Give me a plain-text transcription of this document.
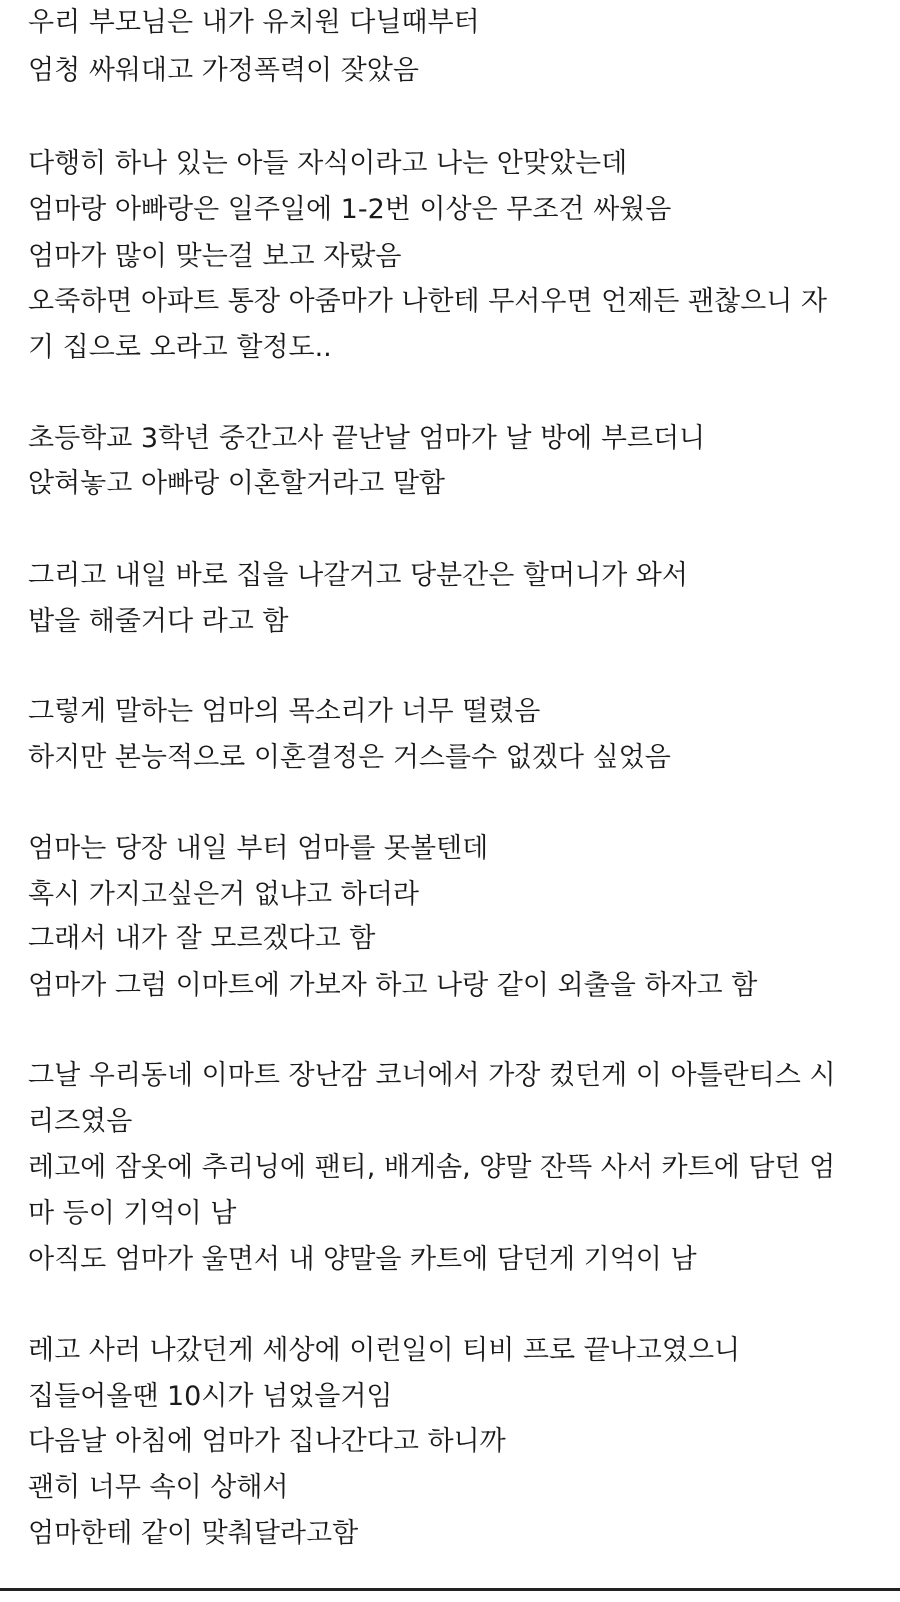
우리 부모님은 내가 유치원 다닐때부터
엄청 싸워대고 가정폭력이 잦았음
다행히 하나 있는 아들 자식이라고 나는 안맞았는데
엄마랑 아빠랑은 일주일에 1-2번 이상은 무조건 싸웠음
엄마가 많이 맞는걸 보고 자랐음
오죽하면 아파트 통장 아줌마가 나한테 무서우면 언제든 괜찮으니 자
기 집으로 오라고 할정도..
초등학교 3학년 중간고사 끝난날 엄마가 날 방에 부르더니
앉혀놓고 아빠랑 이혼할거라고 말함
그리고 내일 바로 집을 나갈거고 당분간은 할머니가 와서
밥을 해줄거다 라고 함
그렇게 말하는 엄마의 목소리가 너무 떨렸음
하지만 본능적으로 이혼결정은 거스를수 없겠다 싶었음
엄마는 당장 내일 부터 엄마를 못볼텐데
혹시 가지고싶은거 없냐고 하더라
그래서 내가 잘 모르겠다고 함
엄마가 그럼 이마트에 가보자 하고 나랑 같이 외출을 하자고 함
그날 우리동네 이마트 장난감 코너에서 가장 컸던게 이 아틀란티스 시
리즈였음
레고에 잠옷에 추리닝에 팬티, 배게솜, 양말 잔뜩 사서 카트에 담던 엄
마 등이 기억이 남
아직도 엄마가 울면서 내 양말을 카트에 담던게 기억이 남
레고 사러 나갔던게 세상에 이런일이 티비 프로 끝나고였으니
집들어올땐 10시가 넘었을거임
다음날 아침에 엄마가 집나간다고 하니까
괜히 너무 속이 상해서
엄마한테 같이 맞춰달라고함
